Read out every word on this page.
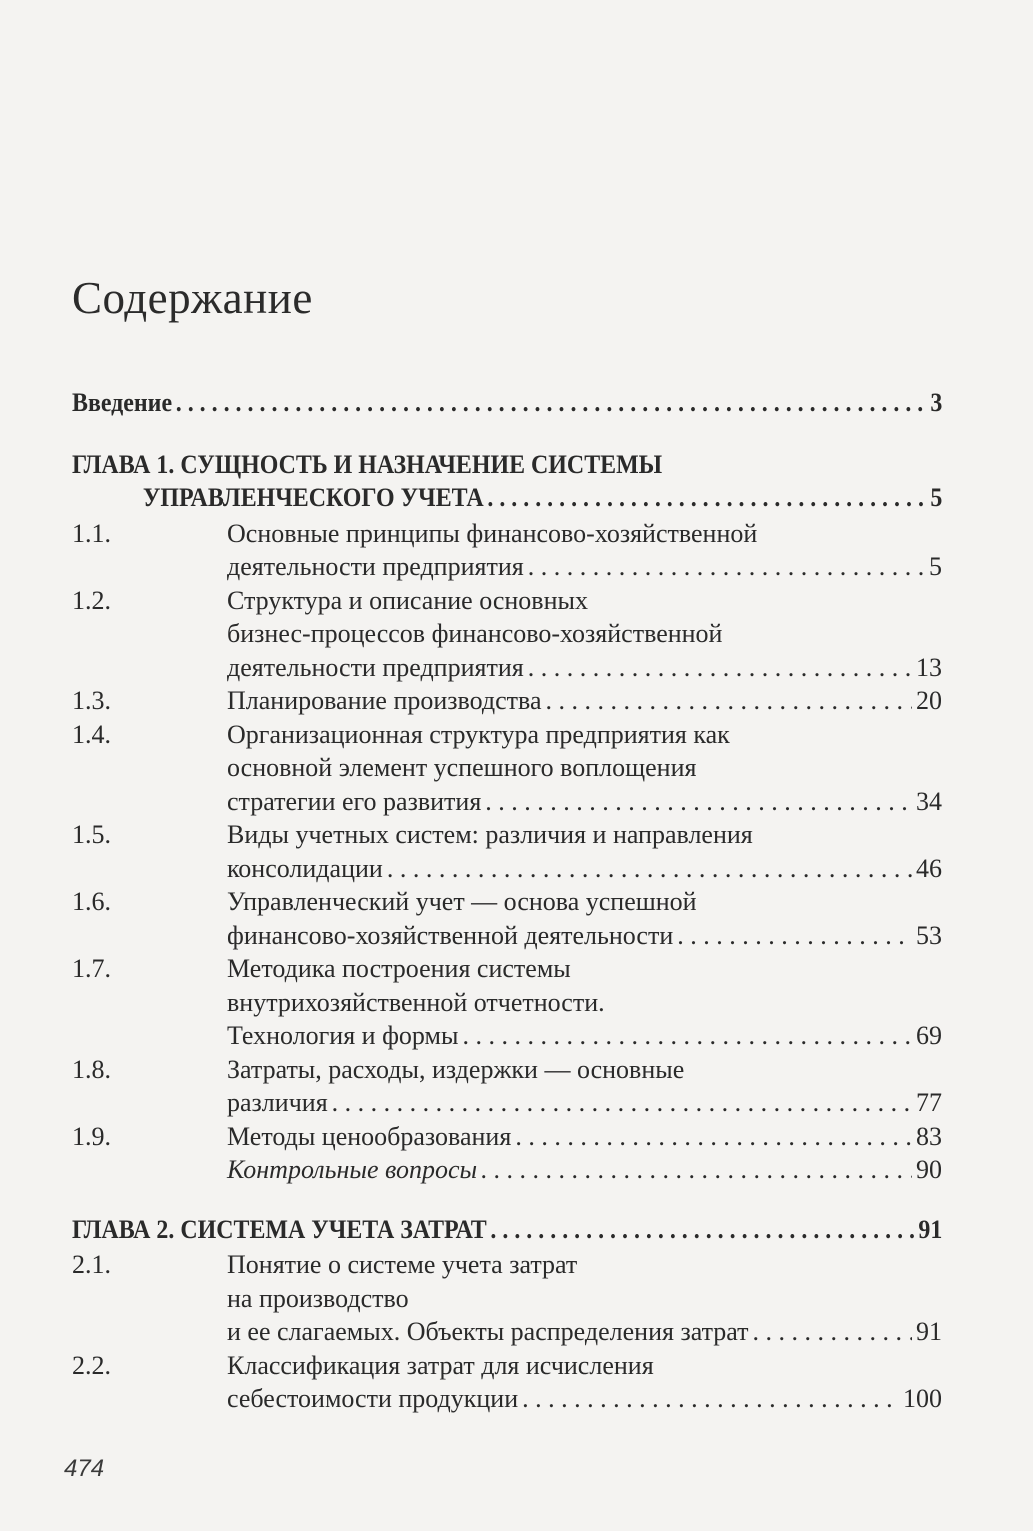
Содержание
Введение . . .	3
ГЛАВА 1. СУЩНОСТЬ И НАЗНАЧЕНИЕ СИСТЕМЫ
УПРАВЛЕНЧЕСКОГО УЧЕТА . . .	5
1.1.	Основные принципы финансово-хозяйственной
деятельности предприятия . . .	5
1.2.	Структура и описание основных
бизнес-процессов финансово-хозяйственной
деятельности предприятия . . .	13
1.3.	Планирование производства . . .	20
1.4.	Организационная структура предприятия как
основной элемент успешного воплощения
стратегии его развития . . .	34
1.5.	Виды учетных систем: различия и направления
консолидации . . .	46
1.6.	Управленческий учет — основа успешной
финансово-хозяйственной деятельности . . .	53
1.7.	Методика построения системы
внутрихозяйственной отчетности.
Технология и формы . . .	69
1.8.	Затраты, расходы, издержки — основные
различия . . .	77
1.9.	Методы ценообразования . . .	83
Контрольные вопросы . . .	90
ГЛАВА 2. СИСТЕМА УЧЕТА ЗАТРАТ . . .	91
2.1.	Понятие о системе учета затрат
на производство
и ее слагаемых. Объекты распределения затрат . . .	91
2.2.	Классификация затрат для исчисления
себестоимости продукции . . .	100
474
